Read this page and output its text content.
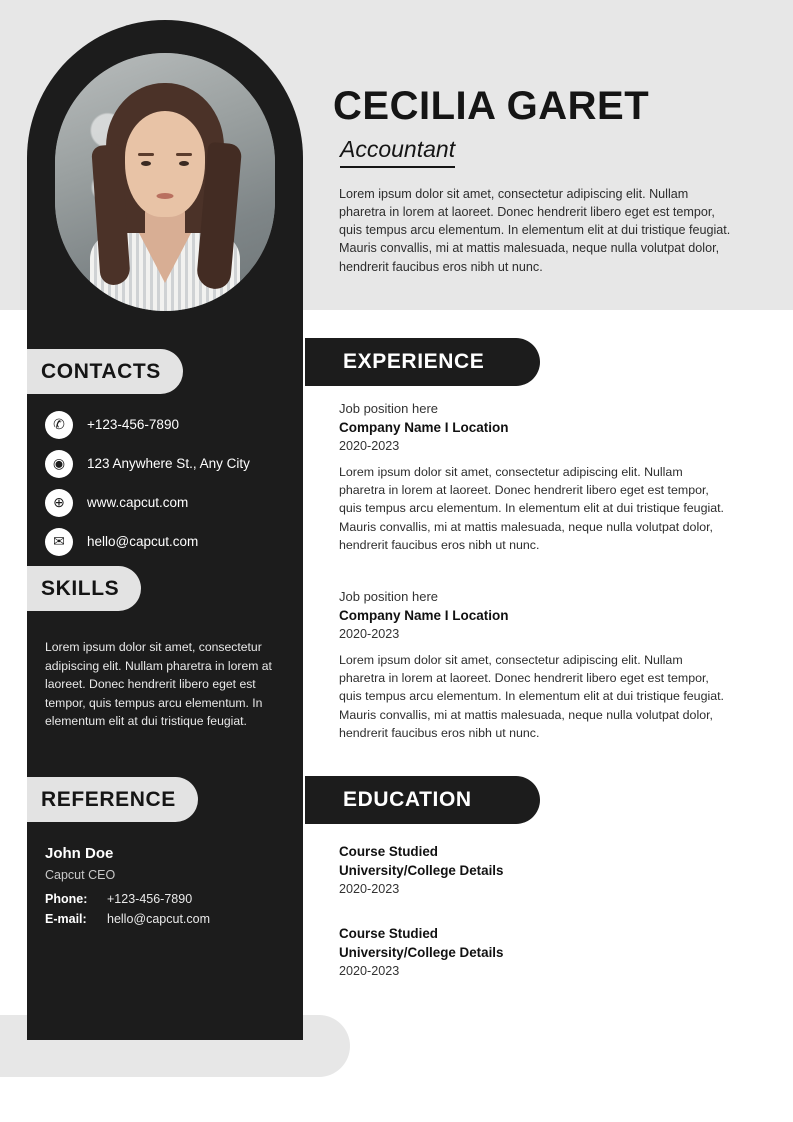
CECILIA GARET
Accountant
Lorem ipsum dolor sit amet, consectetur adipiscing elit. Nullam pharetra in lorem at laoreet. Donec hendrerit libero eget est tempor, quis tempus arcu elementum. In elementum elit at dui tristique feugiat. Mauris convallis, mi at mattis malesuada, neque nulla volutpat dolor, hendrerit faucibus eros nibh ut nunc.
CONTACTS
✆	+123-456-7890
◉	123 Anywhere St., Any City
⊕	www.capcut.com
✉	hello@capcut.com
SKILLS
Lorem ipsum dolor sit amet, consectetur adipiscing elit. Nullam pharetra in lorem at laoreet. Donec hendrerit libero eget est tempor, quis tempus arcu elementum. In elementum elit at dui tristique feugiat.
REFERENCE
John Doe
Capcut CEO
Phone:	+123-456-7890
E-mail:	hello@capcut.com
EXPERIENCE
Job position here
Company Name I Location
2020-2023
Lorem ipsum dolor sit amet, consectetur adipiscing elit. Nullam pharetra in lorem at laoreet. Donec hendrerit libero eget est tempor, quis tempus arcu elementum. In elementum elit at dui tristique feugiat. Mauris convallis, mi at mattis malesuada, neque nulla volutpat dolor, hendrerit faucibus eros nibh ut nunc.
Job position here
Company Name I Location
2020-2023
Lorem ipsum dolor sit amet, consectetur adipiscing elit. Nullam pharetra in lorem at laoreet. Donec hendrerit libero eget est tempor, quis tempus arcu elementum. In elementum elit at dui tristique feugiat. Mauris convallis, mi at mattis malesuada, neque nulla volutpat dolor, hendrerit faucibus eros nibh ut nunc.
EDUCATION
Course Studied
University/College Details
2020-2023
Course Studied
University/College Details
2020-2023
